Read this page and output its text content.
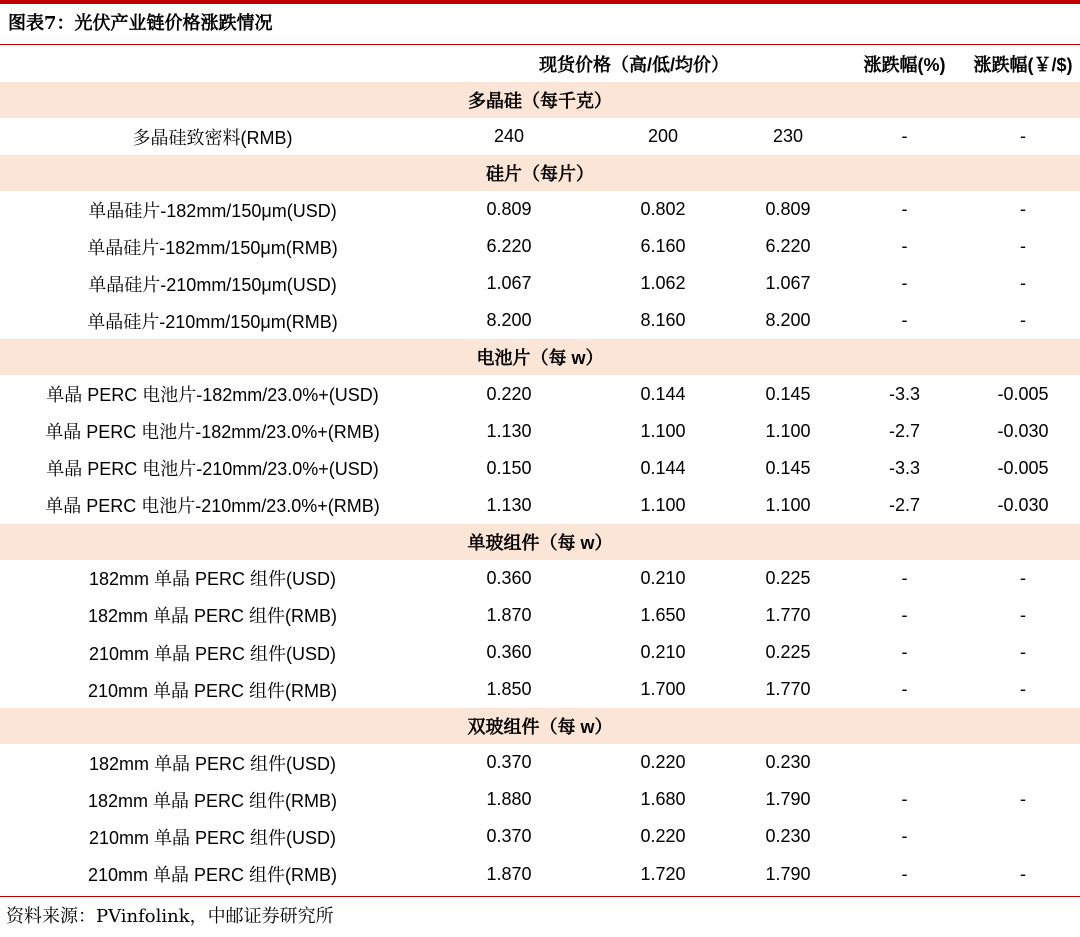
图表7：光伏产业链价格涨跌情况
现货价格（高/低/均价）	涨跌幅(%)	涨跌幅(￥/$)
多晶硅（每千克）
多晶硅致密料(RMB)	240	200	230	-	-
硅片（每片）
单晶硅片-182mm/150μm(USD)	0.809	0.802	0.809	-	-
单晶硅片-182mm/150μm(RMB)	6.220	6.160	6.220	-	-
单晶硅片-210mm/150μm(USD)	1.067	1.062	1.067	-	-
单晶硅片-210mm/150μm(RMB)	8.200	8.160	8.200	-	-
电池片（每 w）
单晶 PERC 电池片-182mm/23.0%+(USD)	0.220	0.144	0.145	-3.3	-0.005
单晶 PERC 电池片-182mm/23.0%+(RMB)	1.130	1.100	1.100	-2.7	-0.030
单晶 PERC 电池片-210mm/23.0%+(USD)	0.150	0.144	0.145	-3.3	-0.005
单晶 PERC 电池片-210mm/23.0%+(RMB)	1.130	1.100	1.100	-2.7	-0.030
单玻组件（每 w）
182mm 单晶 PERC 组件(USD)	0.360	0.210	0.225	-	-
182mm 单晶 PERC 组件(RMB)	1.870	1.650	1.770	-	-
210mm 单晶 PERC 组件(USD)	0.360	0.210	0.225	-	-
210mm 单晶 PERC 组件(RMB)	1.850	1.700	1.770	-	-
双玻组件（每 w）
182mm 单晶 PERC 组件(USD)	0.370	0.220	0.230
182mm 单晶 PERC 组件(RMB)	1.880	1.680	1.790	-	-
210mm 单晶 PERC 组件(USD)	0.370	0.220	0.230	-
210mm 单晶 PERC 组件(RMB)	1.870	1.720	1.790	-	-
资料来源：PVinfolink，中邮证券研究所
